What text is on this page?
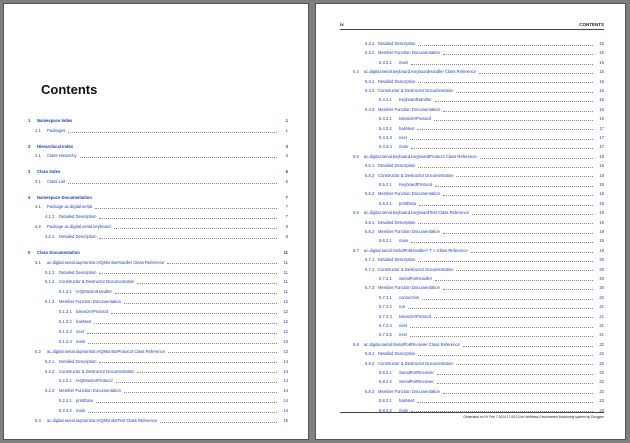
Contents
1	Namespace Index	1
1.1	Packages	1
2	Hierarchical Index	3
2.1	Class Hierarchy	3
3	Class Index	5
3.1	Class List	5
4	Namespace Documentation	7
4.1	Package ac.digital.serial	7
4.1.1	Detailed Description	7
4.2	Package ac.digital.serial.keyboard	8
4.2.1	Detailed Description	9
5	Class Documentation	11
5.1	ac.digital.serial.iaqmonitor.IAQMonitorHandler Class Reference	11
5.1.1	Detailed Description	11
5.1.2	Constructor & Destructor Documentation	11
5.1.2.1 IAQMonitorHandler	11
5.1.3	Member Function Documentation	12
5.1.3.1 tokenizerProtocol	12
5.1.3.2 hasNext	12
5.1.3.3 next	12
5.1.3.4 main	13
5.2	ac.digital.serial.iaqmonitor.IAQMonitorProtocol Class Reference	13
5.2.1	Detailed Description	14
5.2.2	Constructor & Destructor Documentation	14
5.2.2.1 IAQMonitorProtocol	14
5.2.3	Member Function Documentation	14
5.2.3.1 printData	14
5.2.3.2 main	14
5.3	ac.digital.serial.iaqmonitor.IAQMonitorTest Class Reference	15
iv	CONTENTS
5.3.1 Detailed Description	15
5.3.2 Member Function Documentation	15
5.3.2.1	main	15
5.4	ac.digital.serial.keyboard.KeyboardHandler Class Reference	15
5.4.1 Detailed Description	16
5.4.2 Constructor & Destructor Documentation	16
5.4.2.1	KeyboardHandler	16
5.4.3 Member Function Documentation	16
5.4.3.1	tokenizerProtocol	16
5.4.3.2	hasNext	17
5.4.3.3	next	17
5.4.3.4	main	17
5.5	ac.digital.serial.keyboard.KeyboardProtocol Class Reference	18
5.5.1 Detailed Description	18
5.5.2 Constructor & Destructor Documentation	18
5.5.2.1	KeyboardProtocol	18
5.5.3 Member Function Documentation	18
5.5.3.1	printData	18
5.6	ac.digital.serial.keyboard.KeyboardTest Class Reference	19
5.6.1 Detailed Description	19
5.6.2 Member Function Documentation	19
5.6.2.1	main	19
5.7	ac.digital.serial.SerialPortHandler< T > Class Reference	19
5.7.1 Detailed Description	20
5.7.2 Constructor & Destructor Documentation	20
5.7.2.1	SerialPortHandler	20
5.7.3 Member Function Documentation	20
5.7.3.1	connection	20
5.7.3.2	run	21
5.7.3.3	tokenizerProtocol	21
5.7.3.4	next	21
5.7.3.5	next	21
5.8	ac.digital.serial.SerialPortReceiver Class Reference	22
5.8.1 Detailed Description	22
5.8.2 Constructor & Destructor Documentation	22
5.8.2.1	SerialPortReceiver	22
5.8.2.2	SerialPortReceiver	22
5.8.3 Member Function Documentation	22
5.8.3.1	hasNext	23
5.8.3.2	main	23
Generated on Fri Feb 7 2014 17:00:13 for Wellness Environment Monitoring system by Doxygen
